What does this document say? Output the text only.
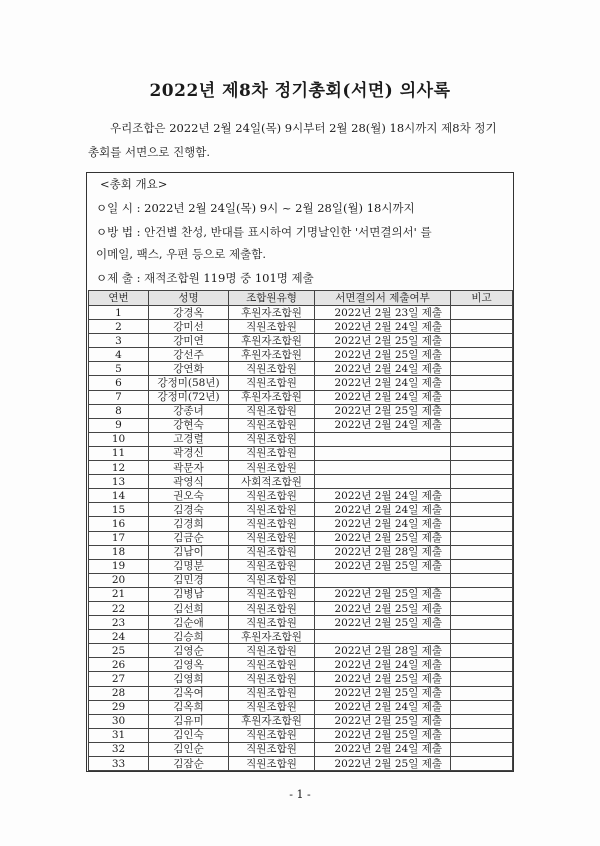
2022년 제8차 정기총회(서면) 의사록
우리조합은 2022년 2월 24일(목) 9시부터 2월 28(월) 18시까지 제8차 정기
총회를 서면으로 진행함.
<총회 개요>
ㅇ일 시 : 2022년 2월 24일(목) 9시 ~ 2월 28일(월) 18시까지
ㅇ방 법 : 안건별 찬성, 반대를 표시하여 기명날인한 '서면결의서' 를
이메일, 팩스, 우편 등으로 제출함.
ㅇ제 출 : 재적조합원 119명 중 101명 제출
연번	성명	조합원유형	서면결의서 제출여부	비고
1	강경옥	후원자조합원	2022년 2월 23일 제출	
2	강미선	직원조합원	2022년 2월 24일 제출	
3	강미연	후원자조합원	2022년 2월 25일 제출	
4	강선주	후원자조합원	2022년 2월 25일 제출	
5	강연화	직원조합원	2022년 2월 24일 제출	
6	강정미(58년)	직원조합원	2022년 2월 24일 제출	
7	강정미(72년)	후원자조합원	2022년 2월 24일 제출	
8	강종녀	직원조합원	2022년 2월 25일 제출	
9	강현숙	직원조합원	2022년 2월 24일 제출	
10	고경렬	직원조합원		
11	곽경신	직원조합원		
12	곽문자	직원조합원		
13	곽영식	사회적조합원		
14	권오숙	직원조합원	2022년 2월 24일 제출	
15	김경숙	직원조합원	2022년 2월 24일 제출	
16	김경희	직원조합원	2022년 2월 24일 제출	
17	김금순	직원조합원	2022년 2월 25일 제출	
18	김남이	직원조합원	2022년 2월 28일 제출	
19	김명분	직원조합원	2022년 2월 25일 제출	
20	김민경	직원조합원		
21	김병남	직원조합원	2022년 2월 25일 제출	
22	김선희	직원조합원	2022년 2월 25일 제출	
23	김순애	직원조합원	2022년 2월 25일 제출	
24	김승희	후원자조합원		
25	김영순	직원조합원	2022년 2월 28일 제출	
26	김영옥	직원조합원	2022년 2월 24일 제출	
27	김영희	직원조합원	2022년 2월 25일 제출	
28	김옥여	직원조합원	2022년 2월 25일 제출	
29	김옥희	직원조합원	2022년 2월 24일 제출	
30	김유미	후원자조합원	2022년 2월 25일 제출	
31	김인숙	직원조합원	2022년 2월 25일 제출	
32	김인순	직원조합원	2022년 2월 24일 제출	
33	김잠순	직원조합원	2022년 2월 25일 제출	
- 1 -
